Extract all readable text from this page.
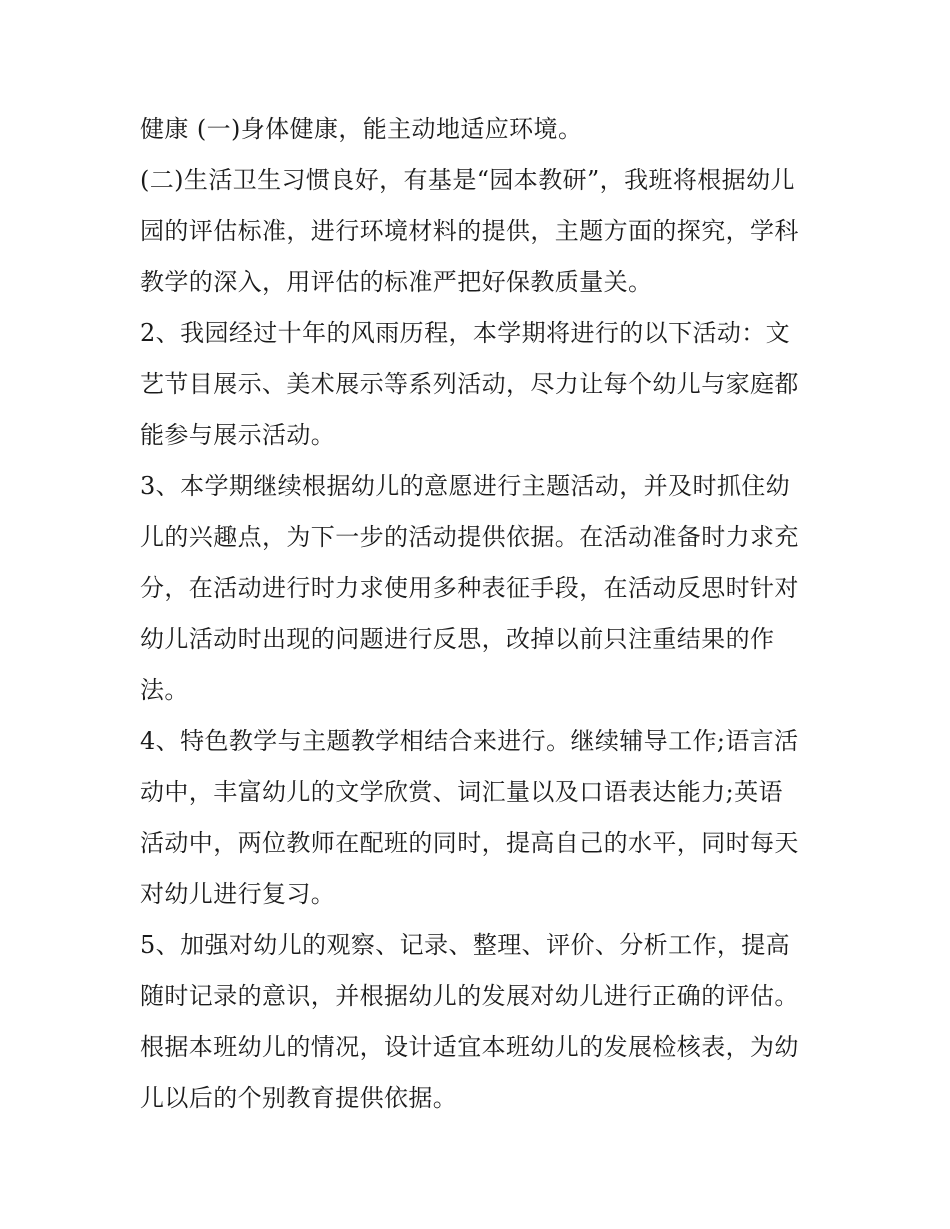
健康 (一)身体健康，能主动地适应环境。
(二)生活卫生习惯良好，有基是“园本教研”，我班将根据幼儿
园的评估标准，进行环境材料的提供，主题方面的探究，学科
教学的深入，用评估的标准严把好保教质量关。
2、我园经过十年的风雨历程，本学期将进行的以下活动：文
艺节目展示、美术展示等系列活动，尽力让每个幼儿与家庭都
能参与展示活动。
3、本学期继续根据幼儿的意愿进行主题活动，并及时抓住幼
儿的兴趣点，为下一步的活动提供依据。在活动准备时力求充
分，在活动进行时力求使用多种表征手段，在活动反思时针对
幼儿活动时出现的问题进行反思，改掉以前只注重结果的作
法。
4、特色教学与主题教学相结合来进行。继续辅导工作;语言活
动中，丰富幼儿的文学欣赏、词汇量以及口语表达能力;英语
活动中，两位教师在配班的同时，提高自己的水平，同时每天
对幼儿进行复习。
5、加强对幼儿的观察、记录、整理、评价、分析工作，提高
随时记录的意识，并根据幼儿的发展对幼儿进行正确的评估。
根据本班幼儿的情况，设计适宜本班幼儿的发展检核表，为幼
儿以后的个别教育提供依据。
